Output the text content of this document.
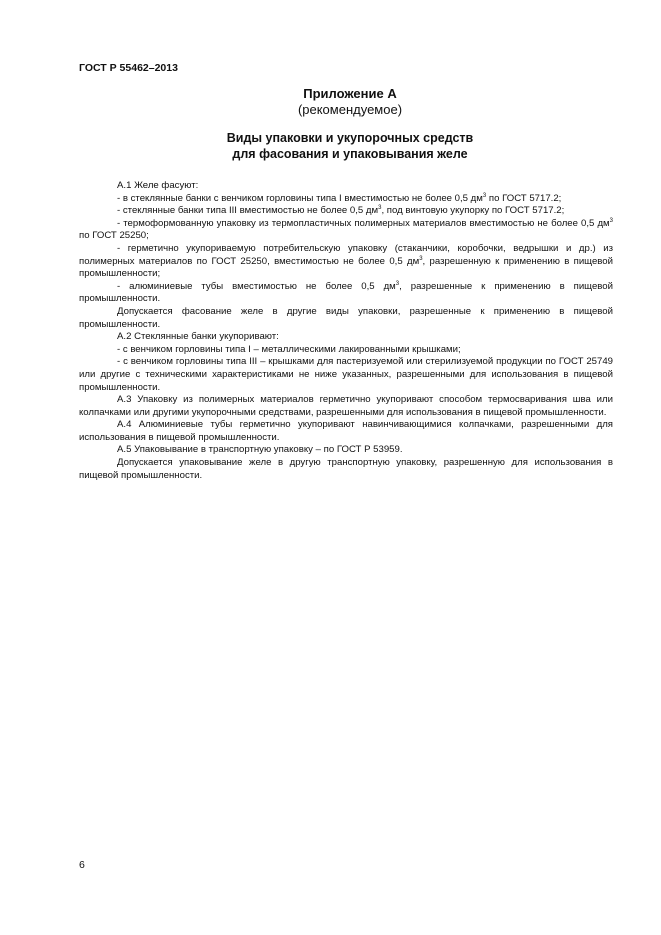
ГОСТ Р 55462–2013
Приложение А
(рекомендуемое)
Виды упаковки и укупорочных средств
для фасования и упаковывания желе

А.1 Желе фасуют:

- в стеклянные банки с венчиком горловины типа I вместимостью не более 0,5 $дм^3$ по ГОСТ 5717.2;

- стеклянные банки типа III вместимостью не более 0,5 $дм^3$, под винтовую укупорку по ГОСТ 5717.2;

- термоформованную упаковку из термопластичных полимерных материалов вместимостью не более 0,5 $дм^3$ по ГОСТ 25250;

- герметично укупориваемую потребительскую упаковку (стаканчики, коробочки, ведрышки и др.) из полимерных материалов по ГОСТ 25250, вместимостью не более 0,5 $дм^3$, разрешенную к применению в пищевой промышленности;

- алюминиевые тубы вместимостью не более 0,5 $дм^3$, разрешенные к применению в пищевой промышленности.

Допускается фасование желе в другие виды упаковки, разрешенные к применению в пищевой промышленности.

А.2 Стеклянные банки укупоривают:

- с венчиком горловины типа I – металлическими лакированными крышками;

- с венчиком горловины типа III – крышками для пастеризуемой или стерилизуемой продукции по ГОСТ 25749 или другие с техническими характеристиками не ниже указанных, разрешенными для использования в пищевой промышленности.

А.3 Упаковку из полимерных материалов герметично укупоривают способом термосваривания шва или колпачками или другими укупорочными средствами, разрешенными для использования в пищевой промышленности.

А.4 Алюминиевые тубы герметично укупоривают навинчивающимися колпачками, разрешенными для использования в пищевой промышленности.

А.5 Упаковывание в транспортную упаковку – по ГОСТ Р 53959.

Допускается упаковывание желе в другую транспортную упаковку, разрешенную для использования в пищевой промышленности.

6
